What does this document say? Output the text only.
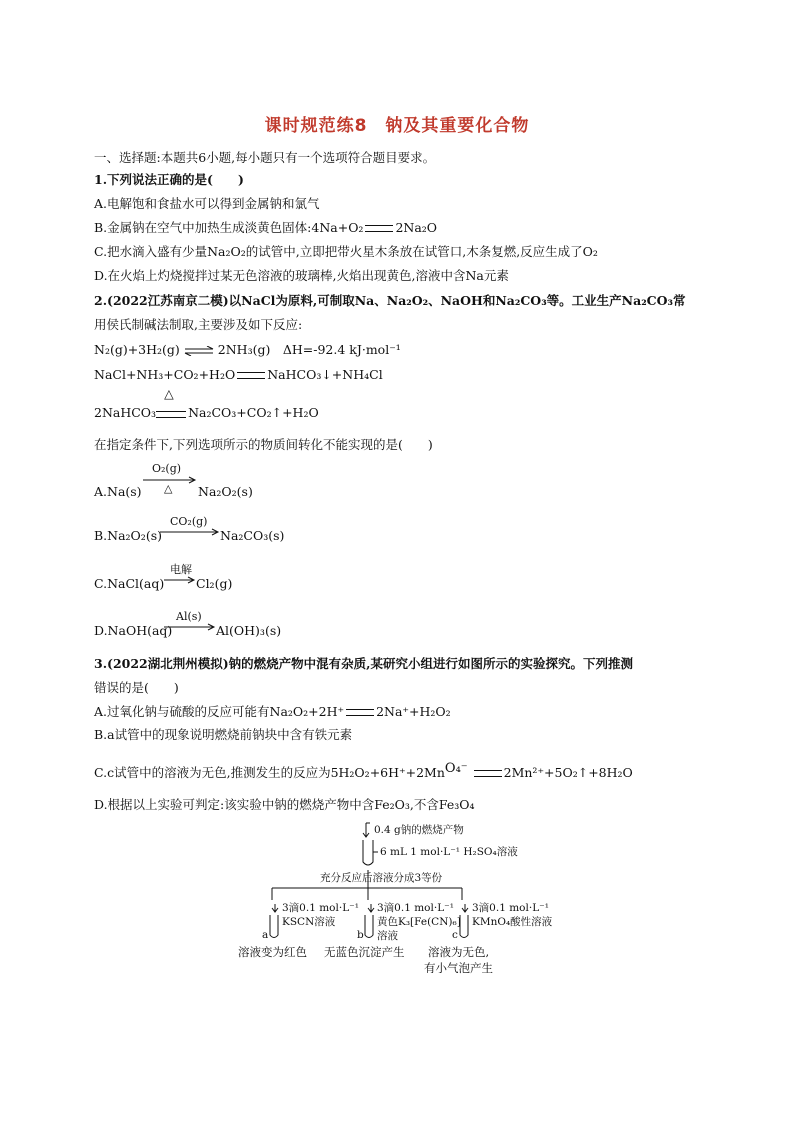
课时规范练8　钠及其重要化合物
一、选择题:本题共6小题,每小题只有一个选项符合题目要求。
1.下列说法正确的是(　　)
A.电解饱和食盐水可以得到金属钠和氯气
B.金属钠在空气中加热生成淡黄色固体:4Na+O₂	2Na₂O
C.把水滴入盛有少量Na₂O₂的试管中,立即把带火星木条放在试管口,木条复燃,反应生成了O₂
D.在火焰上灼烧搅拌过某无色溶液的玻璃棒,火焰出现黄色,溶液中含Na元素
2.(2022江苏南京二模)以NaCl为原料,可制取Na、Na₂O₂、NaOH和Na₂CO₃等。工业生产Na₂CO₃常
用侯氏制碱法制取,主要涉及如下反应:
N₂(g)+3H₂(g) ⇌ 2NH₃(g)　ΔH=-92.4 kJ·mol⁻¹
NaCl+NH₃+CO₂+H₂O	NaHCO₃↓+NH₄Cl
2NaHCO₃
△
Na₂CO₃+CO₂↑+H₂O
在指定条件下,下列选项所示的物质间转化不能实现的是(　　)
A.Na(s)
O₂(g)
△ Na₂O₂(s)
B.Na₂O₂(s)
CO₂(g)
Na₂CO₃(s)
C.NaCl(aq)
电解
Cl₂(g)
D.NaOH(aq)
Al(s)
Al(OH)₃(s)
3.(2022湖北荆州模拟)钠的燃烧产物中混有杂质,某研究小组进行如图所示的实验探究。下列推测
错误的是(　　)
A.过氧化钠与硫酸的反应可能有Na₂O₂+2H⁺	2Na⁺+H₂O₂
B.a试管中的现象说明燃烧前钠块中含有铁元素
C.c试管中的溶液为无色,推测发生的反应为5H₂O₂+6H⁺+2MnO₄⁻	2Mn²⁺+5O₂↑+8H₂O
D.根据以上实验可判定:该实验中钠的燃烧产物中含Fe₂O₃,不含Fe₃O₄
0.4 g钠的燃烧产物
6 mL 1 mol·L⁻¹ H₂SO₄溶液
充分反应后溶液分成3等份
3滴0.1 mol·L⁻¹
KSCN溶液
3滴0.1 mol·L⁻¹
黄色K₃[Fe(CN)₆]
溶液
3滴0.1 mol·L⁻¹
KMnO₄酸性溶液
a	b	c
溶液变为红色 无蓝色沉淀产生 溶液为无色,
有小气泡产生
